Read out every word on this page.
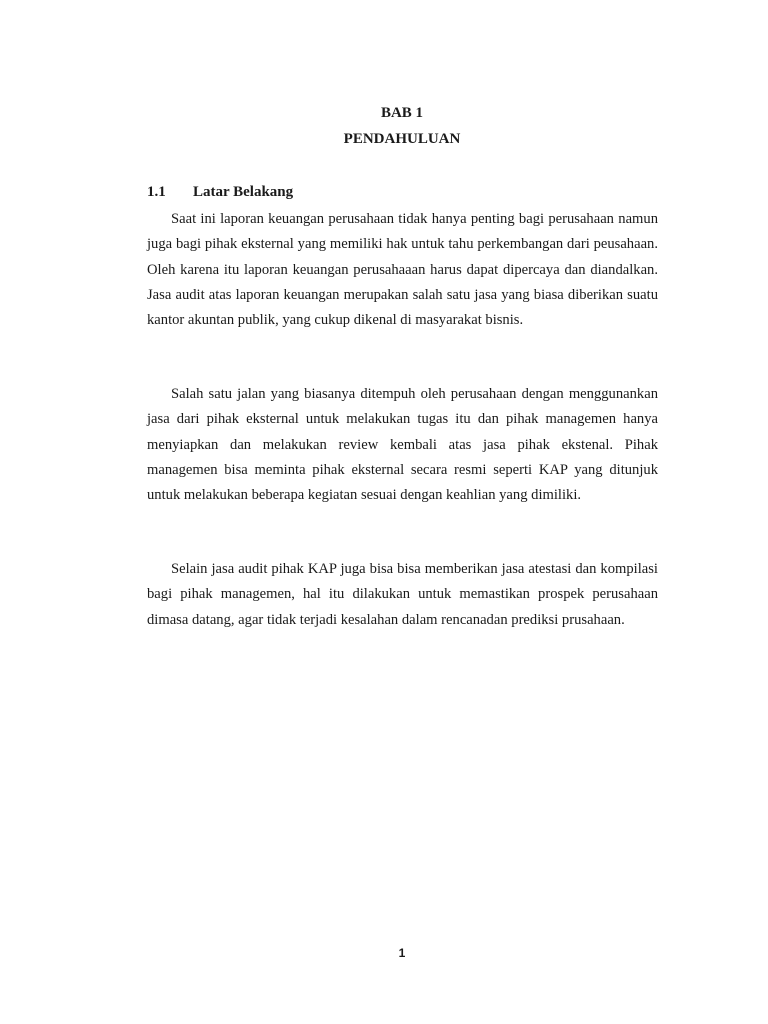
BAB 1
PENDAHULUAN
1.1 Latar Belakang

Saat ini laporan keuangan perusahaan tidak hanya penting bagi perusahaan namun juga bagi pihak eksternal yang memiliki hak untuk tahu perkembangan dari peusahaan. Oleh karena itu laporan keuangan perusahaaan harus dapat dipercaya dan diandalkan. Jasa audit atas laporan keuangan merupakan salah satu jasa yang biasa diberikan suatu kantor akuntan publik, yang cukup dikenal di masyarakat bisnis.

Salah satu jalan yang biasanya ditempuh oleh perusahaan dengan menggunankan jasa dari pihak eksternal untuk melakukan tugas itu dan pihak managemen hanya menyiapkan dan melakukan review kembali atas jasa pihak ekstenal. Pihak managemen bisa meminta pihak eksternal secara resmi seperti KAP yang ditunjuk untuk melakukan beberapa kegiatan sesuai dengan keahlian yang dimiliki.

Selain jasa audit pihak KAP juga bisa bisa memberikan jasa atestasi dan kompilasi bagi pihak managemen, hal itu dilakukan untuk memastikan prospek perusahaan dimasa datang, agar tidak terjadi kesalahan dalam rencanadan prediksi prusahaan.

1
